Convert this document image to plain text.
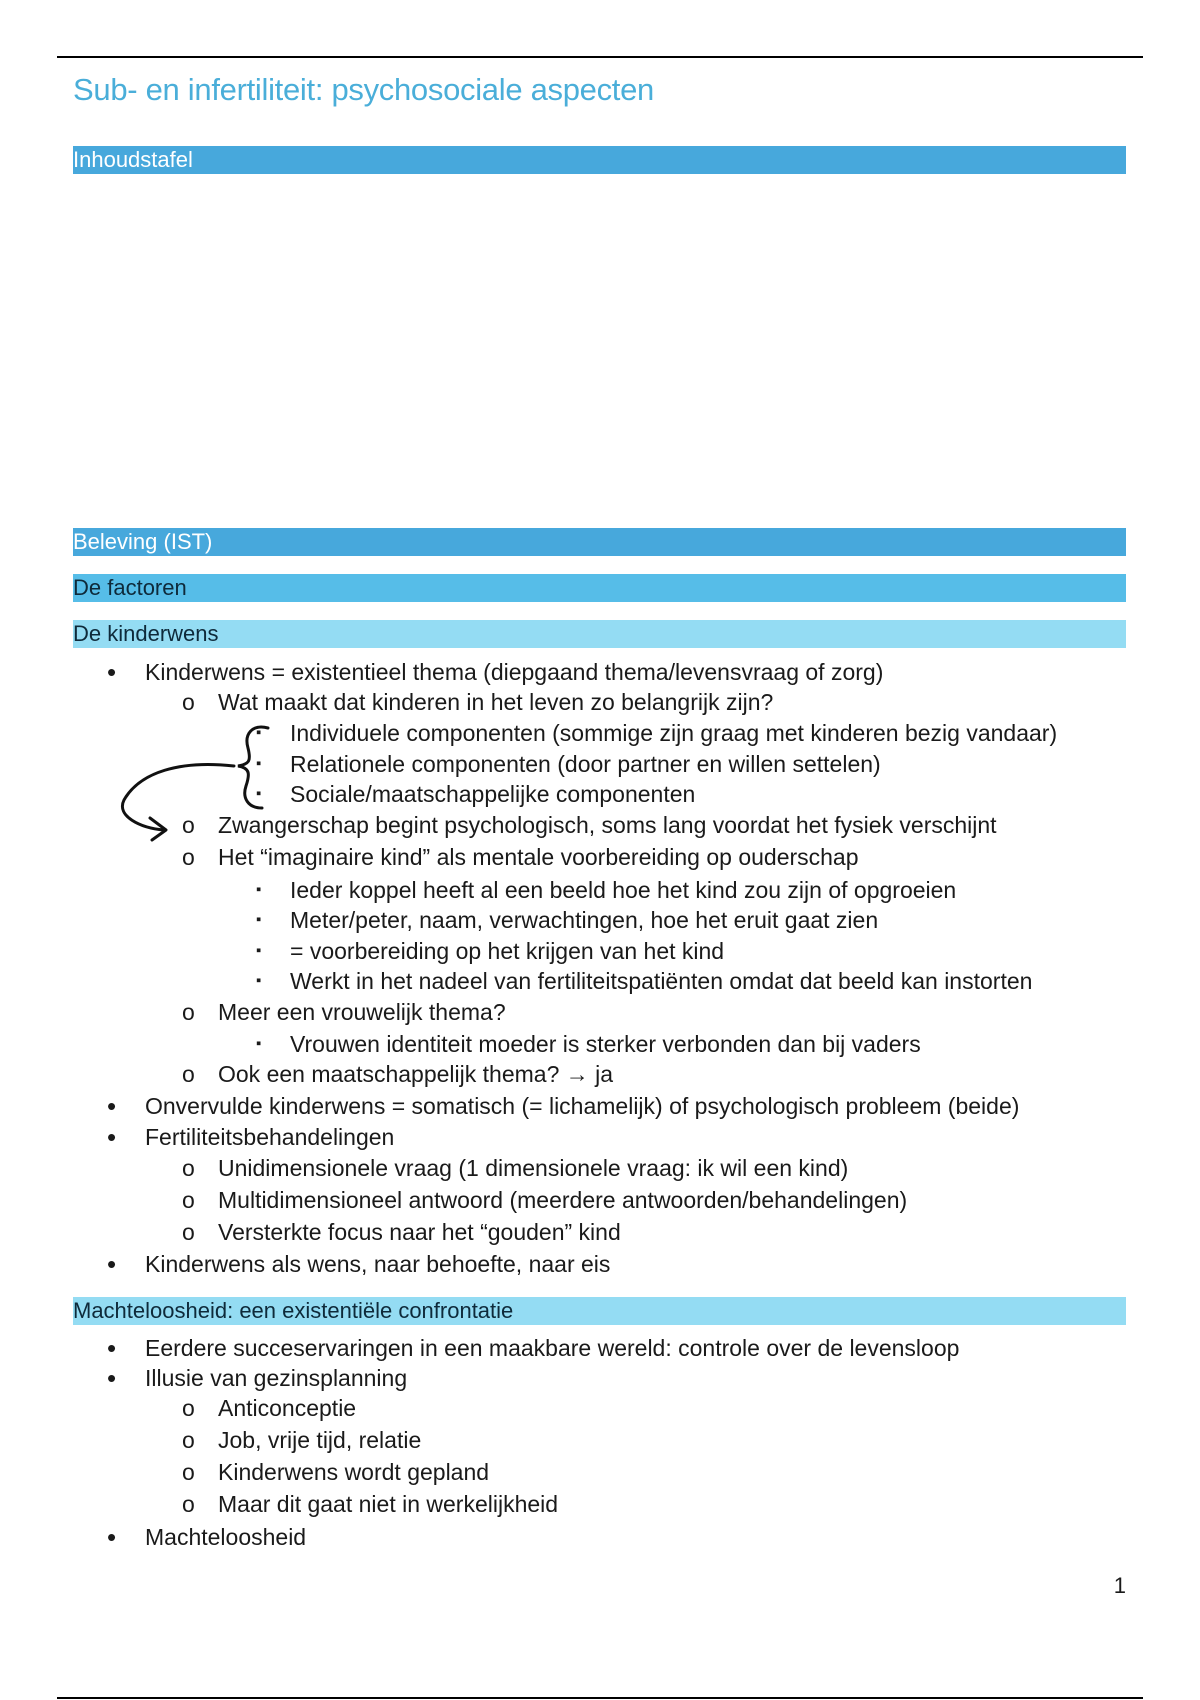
Sub- en infertiliteit: psychosociale aspecten
Inhoudstafel
Beleving (IST)
De factoren
De kinderwens
• Kinderwens = existentieel thema (diepgaand thema/levensvraag of zorg)
o Wat maakt dat kinderen in het leven zo belangrijk zijn?
▪ Individuele componenten (sommige zijn graag met kinderen bezig vandaar)
▪ Relationele componenten (door partner en willen settelen)
▪ Sociale/maatschappelijke componenten
o Zwangerschap begint psychologisch, soms lang voordat het fysiek verschijnt
o Het “imaginaire kind” als mentale voorbereiding op ouderschap
▪ Ieder koppel heeft al een beeld hoe het kind zou zijn of opgroeien
▪ Meter/peter, naam, verwachtingen, hoe het eruit gaat zien
▪ = voorbereiding op het krijgen van het kind
▪ Werkt in het nadeel van fertiliteitspatiënten omdat dat beeld kan instorten
o Meer een vrouwelijk thema?
▪ Vrouwen identiteit moeder is sterker verbonden dan bij vaders
o Ook een maatschappelijk thema? → ja
• Onvervulde kinderwens = somatisch (= lichamelijk) of psychologisch probleem (beide)
• Fertiliteitsbehandelingen
o Unidimensionele vraag (1 dimensionele vraag: ik wil een kind)
o Multidimensioneel antwoord (meerdere antwoorden/behandelingen)
o Versterkte focus naar het “gouden” kind
• Kinderwens als wens, naar behoefte, naar eis
Machteloosheid: een existentiële confrontatie
• Eerdere succeservaringen in een maakbare wereld: controle over de levensloop
• Illusie van gezinsplanning
o Anticonceptie
o Job, vrije tijd, relatie
o Kinderwens wordt gepland
o Maar dit gaat niet in werkelijkheid
• Machteloosheid
1
